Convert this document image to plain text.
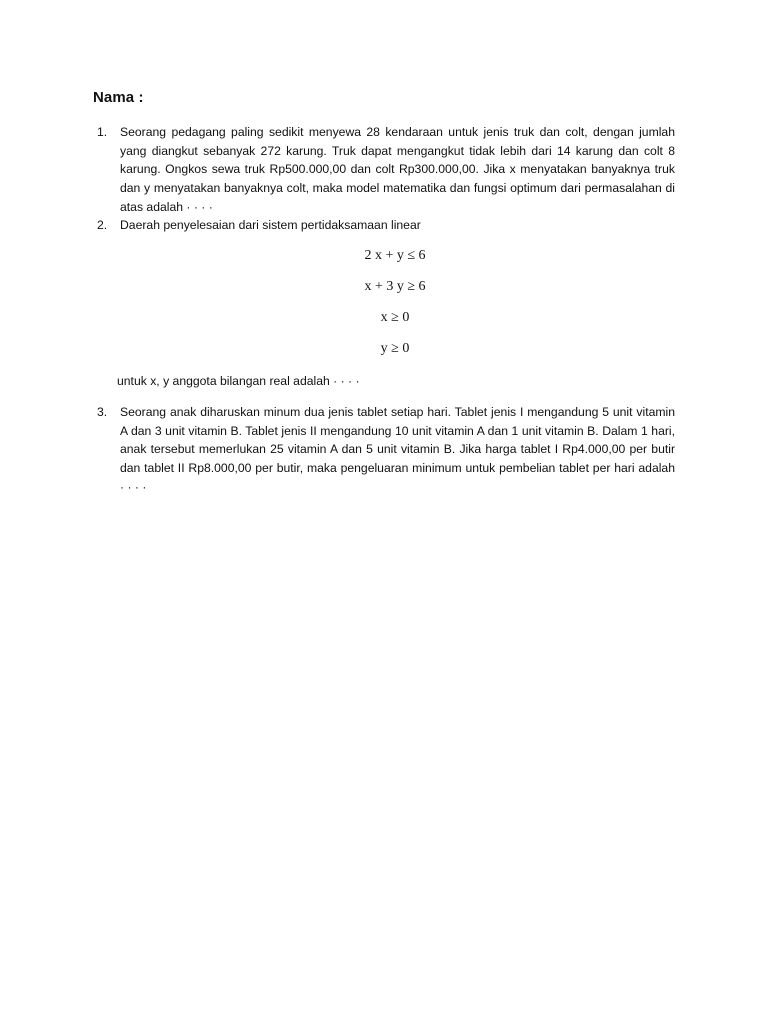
Nama :
1.	Seorang pedagang paling sedikit menyewa 28 kendaraan untuk jenis truk dan colt, dengan jumlah yang diangkut sebanyak 272 karung. Truk dapat mengangkut tidak lebih dari 14 karung dan colt 8 karung. Ongkos sewa truk Rp500.000,00 dan colt Rp300.000,00. Jika x menyatakan banyaknya truk dan y menyatakan banyaknya colt, maka model matematika dan fungsi optimum dari permasalahan di atas adalah · · · ·
2.	Daerah penyelesaian dari sistem pertidaksamaan linear
2 x + y ≤ 6
x + 3 y ≥ 6
x ≥ 0
y ≥ 0
untuk x, y anggota bilangan real adalah · · · ·
3.	Seorang anak diharuskan minum dua jenis tablet setiap hari. Tablet jenis I mengandung 5 unit vitamin A dan 3 unit vitamin B. Tablet jenis II mengandung 10 unit vitamin A dan 1 unit vitamin B. Dalam 1 hari, anak tersebut memerlukan 25 vitamin A dan 5 unit vitamin B. Jika harga tablet I Rp4.000,00 per butir dan tablet II Rp8.000,00 per butir, maka pengeluaran minimum untuk pembelian tablet per hari adalah · · · ·
